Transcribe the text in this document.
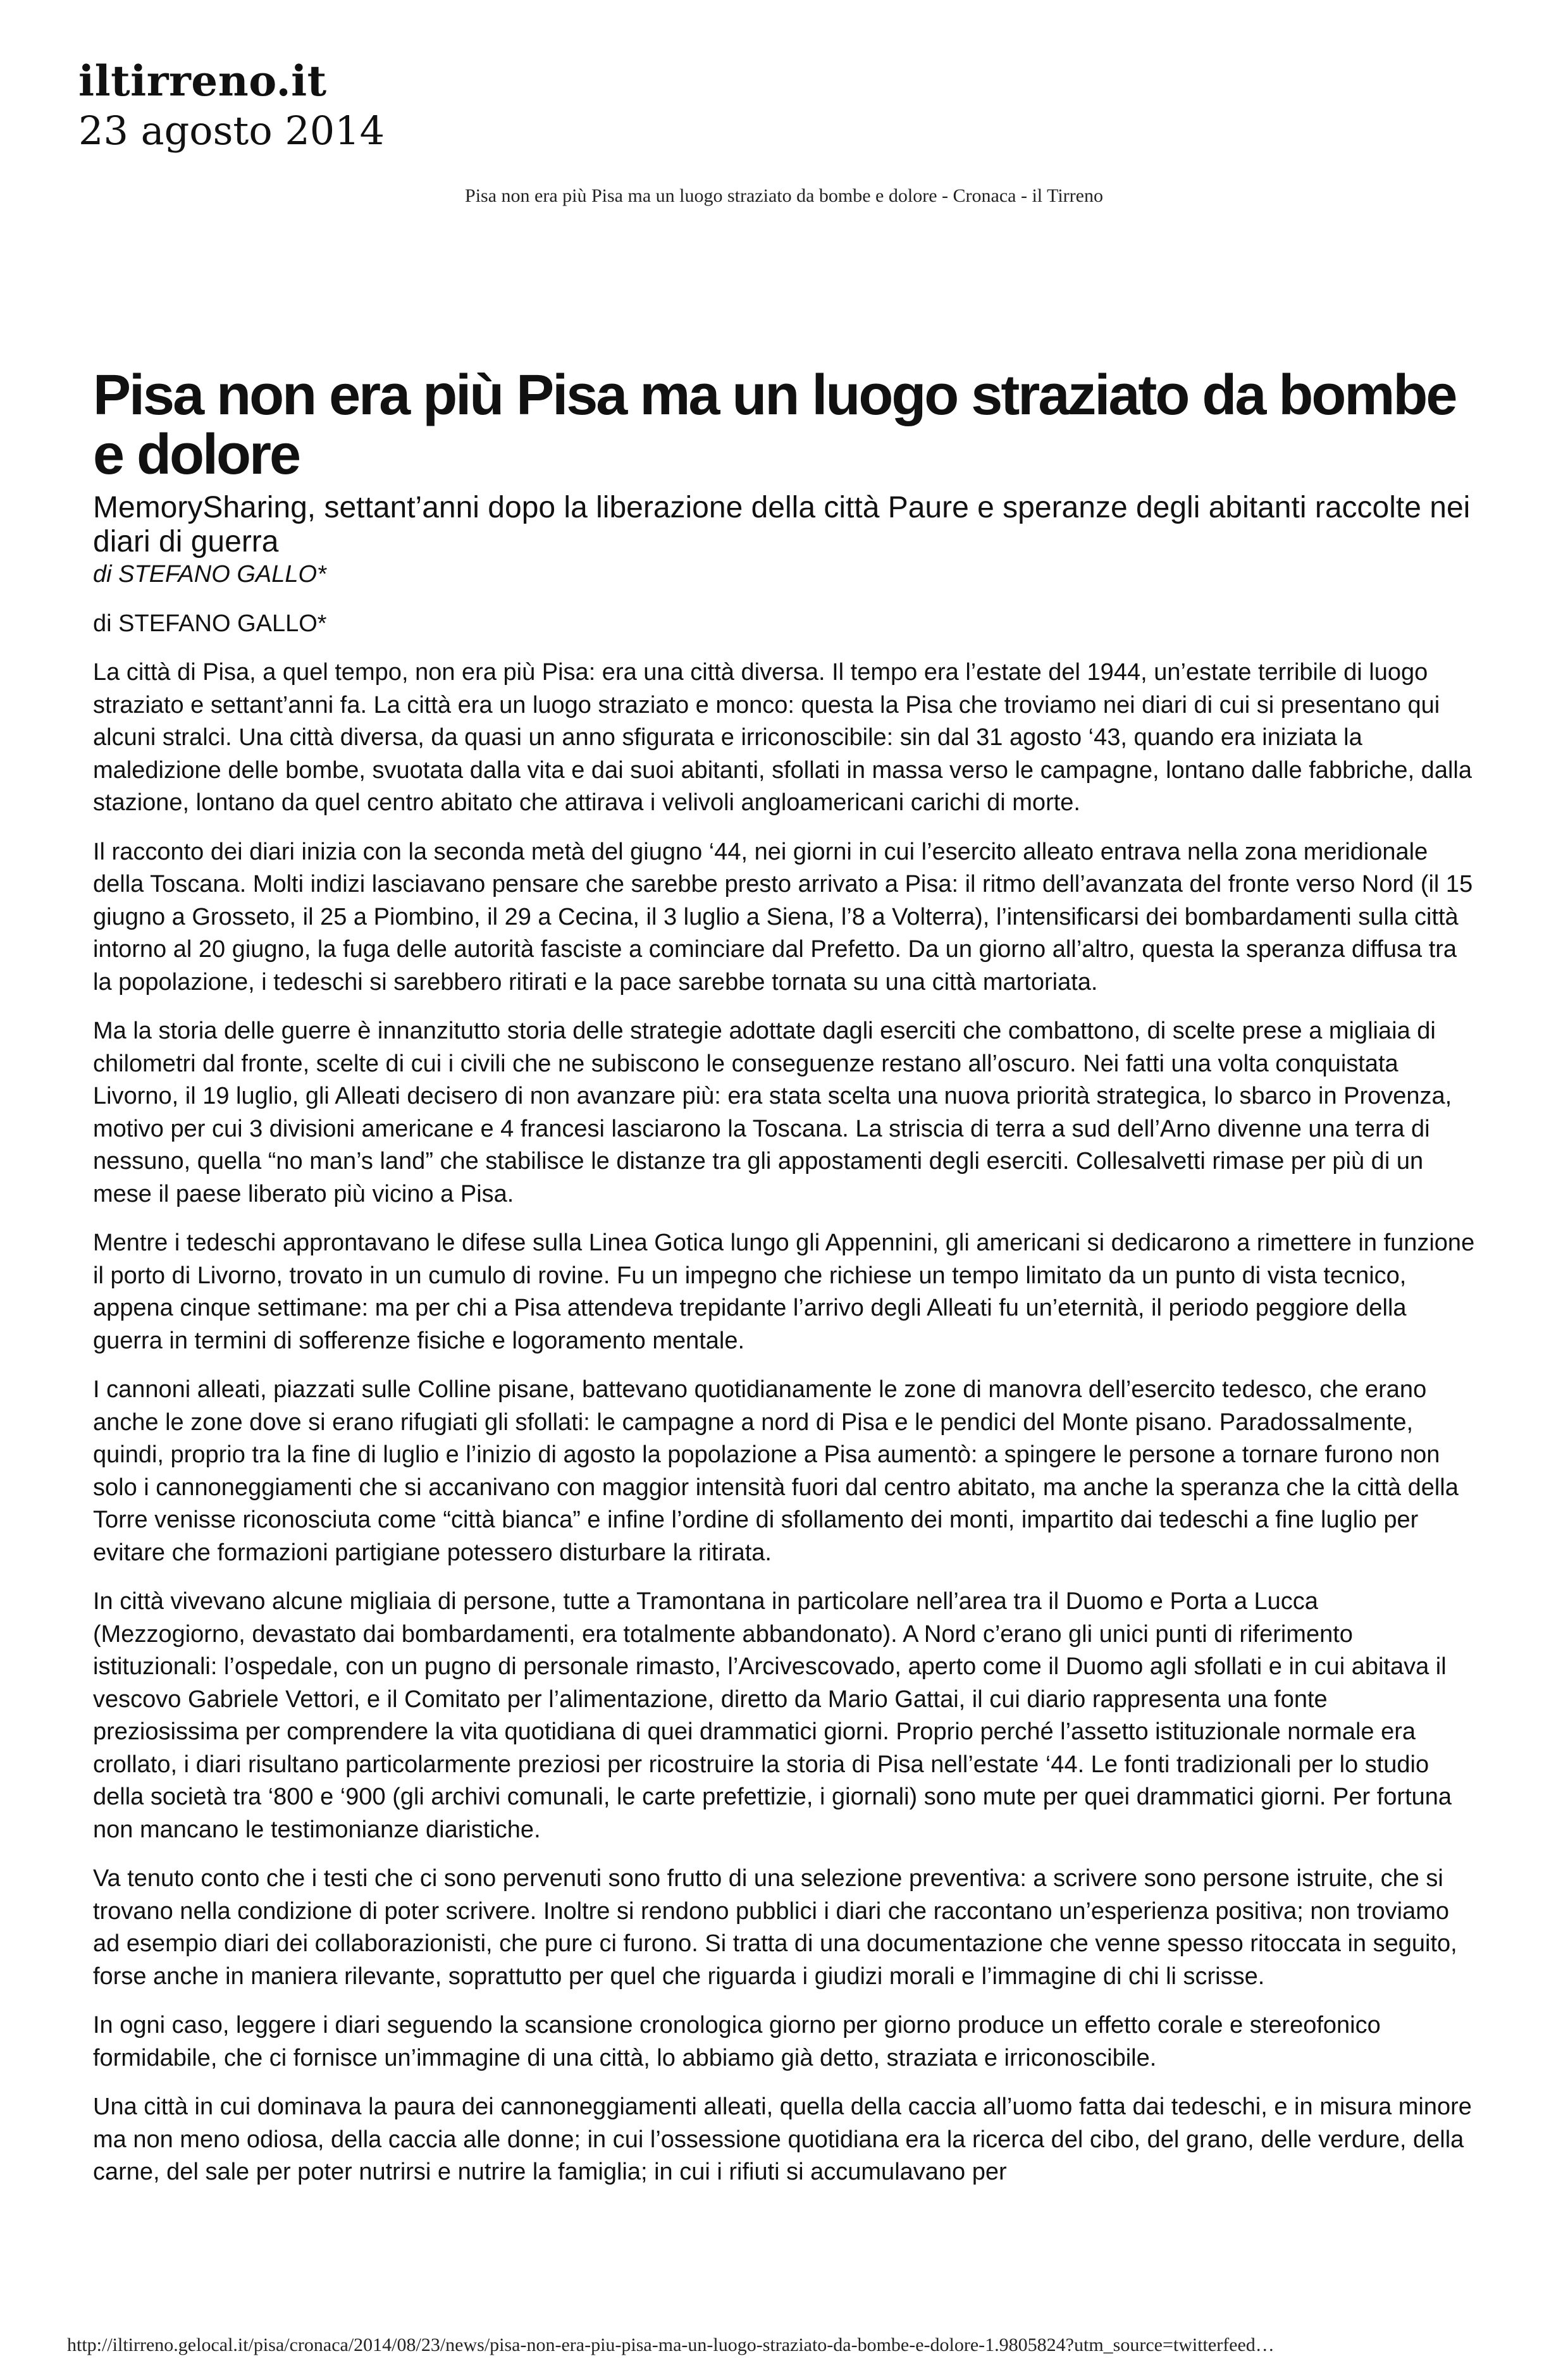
iltirreno.it
23 agosto 2014
Pisa non era più Pisa ma un luogo straziato da bombe e dolore - Cronaca - il Tirreno
Pisa non era più Pisa ma un luogo straziato da bombe e dolore
MemorySharing, settant’anni dopo la liberazione della città Paure e speranze degli abitanti raccolte nei diari di guerra

di STEFANO GALLO*

di STEFANO GALLO*

La città di Pisa, a quel tempo, non era più Pisa: era una città diversa. Il tempo era l’estate del 1944, un’estate terribile di luogo straziato e settant’anni fa. La città era un luogo straziato e monco: questa la Pisa che troviamo nei diari di cui si presentano qui alcuni stralci. Una città diversa, da quasi un anno sfigurata e irriconoscibile: sin dal 31 agosto ‘43, quando era iniziata la maledizione delle bombe, svuotata dalla vita e dai suoi abitanti, sfollati in massa verso le campagne, lontano dalle fabbriche, dalla stazione, lontano da quel centro abitato che attirava i velivoli angloamericani carichi di morte.

Il racconto dei diari inizia con la seconda metà del giugno ‘44, nei giorni in cui l’esercito alleato entrava nella zona meridionale della Toscana. Molti indizi lasciavano pensare che sarebbe presto arrivato a Pisa: il ritmo dell’avanzata del fronte verso Nord (il 15 giugno a Grosseto, il 25 a Piombino, il 29 a Cecina, il 3 luglio a Siena, l’8 a Volterra), l’intensificarsi dei bombardamenti sulla città intorno al 20 giugno, la fuga delle autorità fasciste a cominciare dal Prefetto. Da un giorno all’altro, questa la speranza diffusa tra la popolazione, i tedeschi si sarebbero ritirati e la pace sarebbe tornata su una città martoriata.

Ma la storia delle guerre è innanzitutto storia delle strategie adottate dagli eserciti che combattono, di scelte prese a migliaia di chilometri dal fronte, scelte di cui i civili che ne subiscono le conseguenze restano all’oscuro. Nei fatti una volta conquistata Livorno, il 19 luglio, gli Alleati decisero di non avanzare più: era stata scelta una nuova priorità strategica, lo sbarco in Provenza, motivo per cui 3 divisioni americane e 4 francesi lasciarono la Toscana. La striscia di terra a sud dell’Arno divenne una terra di nessuno, quella “no man’s land” che stabilisce le distanze tra gli appostamenti degli eserciti. Collesalvetti rimase per più di un mese il paese liberato più vicino a Pisa.

Mentre i tedeschi approntavano le difese sulla Linea Gotica lungo gli Appennini, gli americani si dedicarono a rimettere in funzione il porto di Livorno, trovato in un cumulo di rovine. Fu un impegno che richiese un tempo limitato da un punto di vista tecnico, appena cinque settimane: ma per chi a Pisa attendeva trepidante l’arrivo degli Alleati fu un’eternità, il periodo peggiore della guerra in termini di sofferenze fisiche e logoramento mentale.

I cannoni alleati, piazzati sulle Colline pisane, battevano quotidianamente le zone di manovra dell’esercito tedesco, che erano anche le zone dove si erano rifugiati gli sfollati: le campagne a nord di Pisa e le pendici del Monte pisano. Paradossalmente, quindi, proprio tra la fine di luglio e l’inizio di agosto la popolazione a Pisa aumentò: a spingere le persone a tornare furono non solo i cannoneggiamenti che si accanivano con maggior intensità fuori dal centro abitato, ma anche la speranza che la città della Torre venisse riconosciuta come “città bianca” e infine l’ordine di sfollamento dei monti, impartito dai tedeschi a fine luglio per evitare che formazioni partigiane potessero disturbare la ritirata.

In città vivevano alcune migliaia di persone, tutte a Tramontana in particolare nell’area tra il Duomo e Porta a Lucca (Mezzogiorno, devastato dai bombardamenti, era totalmente abbandonato). A Nord c’erano gli unici punti di riferimento istituzionali: l’ospedale, con un pugno di personale rimasto, l’Arcivescovado, aperto come il Duomo agli sfollati e in cui abitava il vescovo Gabriele Vettori, e il Comitato per l’alimentazione, diretto da Mario Gattai, il cui diario rappresenta una fonte preziosissima per comprendere la vita quotidiana di quei drammatici giorni. Proprio perché l’assetto istituzionale normale era crollato, i diari risultano particolarmente preziosi per ricostruire la storia di Pisa nell’estate ‘44. Le fonti tradizionali per lo studio della società tra ‘800 e ‘900 (gli archivi comunali, le carte prefettizie, i giornali) sono mute per quei drammatici giorni. Per fortuna non mancano le testimonianze diaristiche.

Va tenuto conto che i testi che ci sono pervenuti sono frutto di una selezione preventiva: a scrivere sono persone istruite, che si trovano nella condizione di poter scrivere. Inoltre si rendono pubblici i diari che raccontano un’esperienza positiva; non troviamo ad esempio diari dei collaborazionisti, che pure ci furono. Si tratta di una documentazione che venne spesso ritoccata in seguito, forse anche in maniera rilevante, soprattutto per quel che riguarda i giudizi morali e l’immagine di chi li scrisse.

In ogni caso, leggere i diari seguendo la scansione cronologica giorno per giorno produce un effetto corale e stereofonico formidabile, che ci fornisce un’immagine di una città, lo abbiamo già detto, straziata e irriconoscibile.

Una città in cui dominava la paura dei cannoneggiamenti alleati, quella della caccia all’uomo fatta dai tedeschi, e in misura minore ma non meno odiosa, della caccia alle donne; in cui l’ossessione quotidiana era la ricerca del cibo, del grano, delle verdure, della carne, del sale per poter nutrirsi e nutrire la famiglia; in cui i rifiuti si accumulavano per

http://iltirreno.gelocal.it/pisa/cronaca/2014/08/23/news/pisa-non-era-piu-pisa-ma-un-luogo-straziato-da-bombe-e-dolore-1.9805824?utm_source=twitterfeed…
